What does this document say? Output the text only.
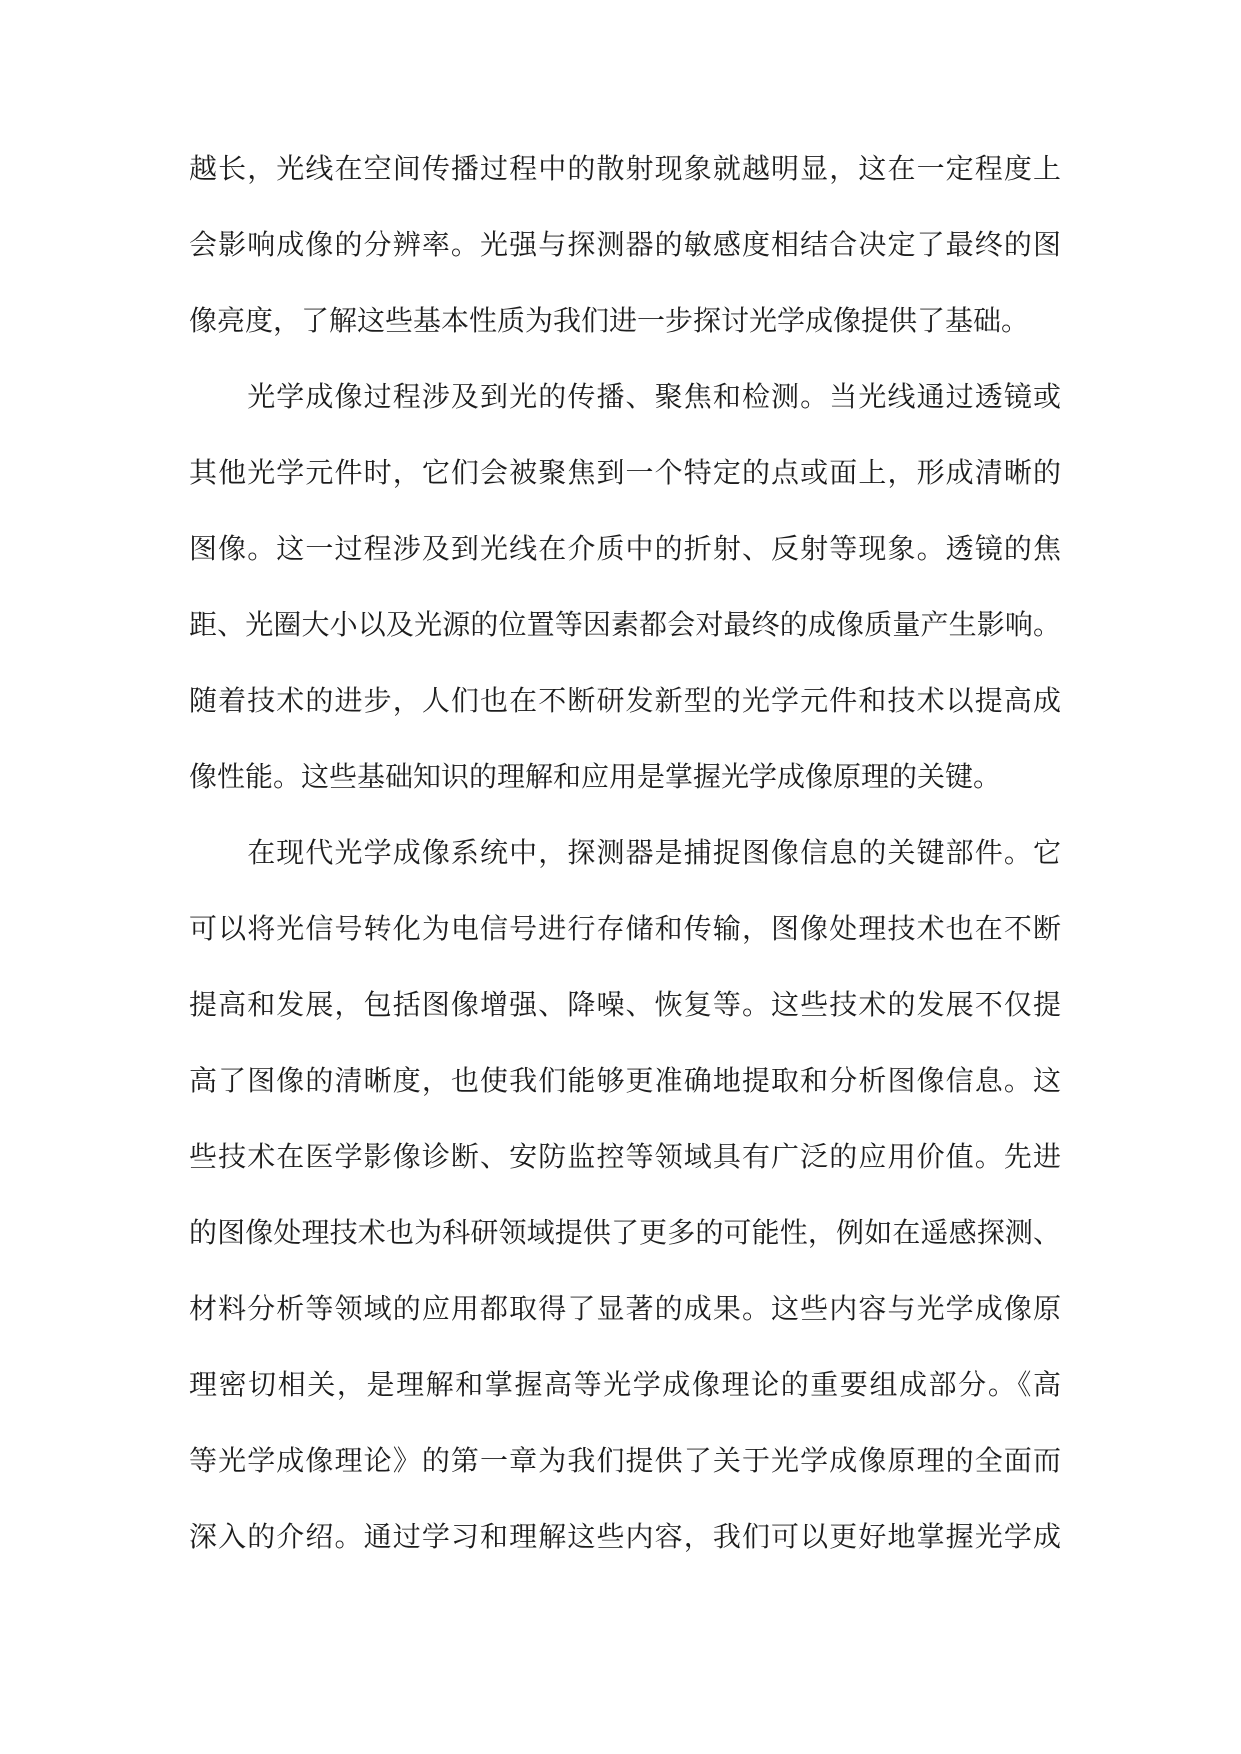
越长，光线在空间传播过程中的散射现象就越明显，这在一定程度上
会影响成像的分辨率。光强与探测器的敏感度相结合决定了最终的图
像亮度，了解这些基本性质为我们进一步探讨光学成像提供了基础。
　　光学成像过程涉及到光的传播、聚焦和检测。当光线通过透镜或
其他光学元件时，它们会被聚焦到一个特定的点或面上，形成清晰的
图像。这一过程涉及到光线在介质中的折射、反射等现象。透镜的焦
距、光圈大小以及光源的位置等因素都会对最终的成像质量产生影响。
随着技术的进步，人们也在不断研发新型的光学元件和技术以提高成
像性能。这些基础知识的理解和应用是掌握光学成像原理的关键。
　　在现代光学成像系统中，探测器是捕捉图像信息的关键部件。它
可以将光信号转化为电信号进行存储和传输，图像处理技术也在不断
提高和发展，包括图像增强、降噪、恢复等。这些技术的发展不仅提
高了图像的清晰度，也使我们能够更准确地提取和分析图像信息。这
些技术在医学影像诊断、安防监控等领域具有广泛的应用价值。先进
的图像处理技术也为科研领域提供了更多的可能性，例如在遥感探测、
材料分析等领域的应用都取得了显著的成果。这些内容与光学成像原
理密切相关，是理解和掌握高等光学成像理论的重要组成部分。《高
等光学成像理论》的第一章为我们提供了关于光学成像原理的全面而
深入的介绍。通过学习和理解这些内容，我们可以更好地掌握光学成
